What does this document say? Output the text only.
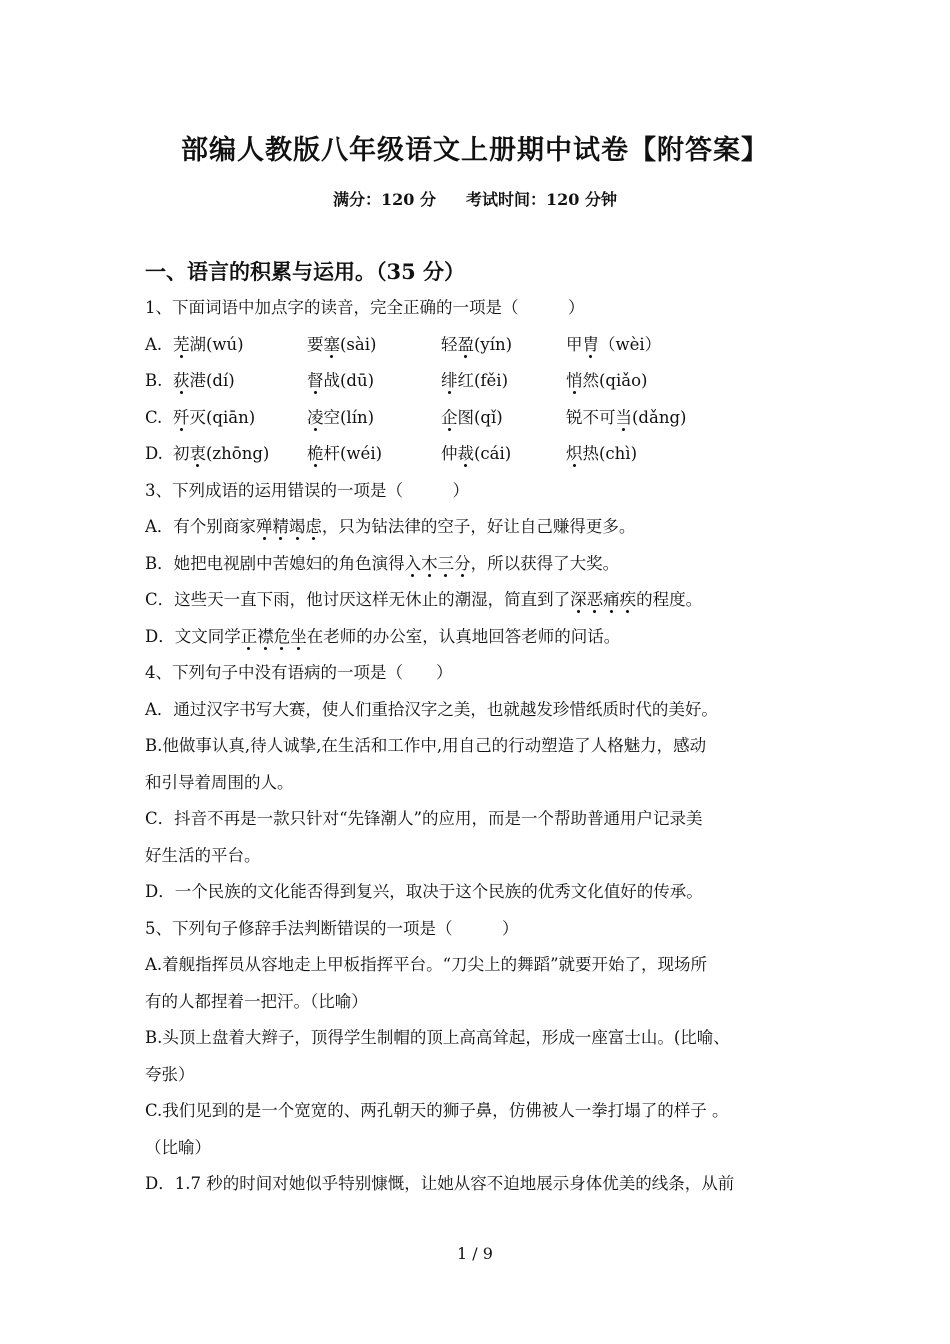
部编人教版八年级语文上册期中试卷【附答案】
满分：120 分 考试时间：120 分钟
一、语言的积累与运用。（35 分）
1、下面词语中加点字的读音，完全正确的一项是（　　　）
A. 芜湖(wú)	要塞(sài)	轻盈(yín)	甲胄（wèi）
B. 荻港(dí)	督战(dū)	绯红(fěi)	悄然(qiǎo)
C. 歼灭(qiān)	凌空(lín)	企图(qǐ)	锐不可当(dǎng)
D. 初衷(zhōng)	桅杆(wéi)	仲裁(cái)	炽热(chì)
3、下列成语的运用错误的一项是（　　　）
A．有个别商家殚精竭虑，只为钻法律的空子，好让自己赚得更多。
B．她把电视剧中苦媳妇的角色演得入木三分，所以获得了大奖。
C．这些天一直下雨，他讨厌这样无休止的潮湿，简直到了深恶痛疾的程度。
D．文文同学正襟危坐在老师的办公室，认真地回答老师的问话。
4、下列句子中没有语病的一项是（　　）
A．通过汉字书写大赛，使人们重拾汉字之美，也就越发珍惜纸质时代的美好。
B.他做事认真,待人诚挚,在生活和工作中,用自己的行动塑造了人格魅力，感动
和引导着周围的人。
C．抖音不再是一款只针对“先锋潮人”的应用，而是一个帮助普通用户记录美
好生活的平台。
D．一个民族的文化能否得到复兴，取决于这个民族的优秀文化值好的传承。
5、下列句子修辞手法判断错误的一项是（　　　）
A.着舰指挥员从容地走上甲板指挥平台。“刀尖上的舞蹈”就要开始了，现场所
有的人都捏着一把汗。（比喻）
B.头顶上盘着大辫子，顶得学生制帽的顶上高高耸起，形成一座富士山。(比喻、
夸张）
C.我们见到的是一个宽宽的、两孔朝天的狮子鼻，仿佛被人一拳打塌了的样子 。
（比喻）
D．1.7 秒的时间对她似乎特别慷慨，让她从容不迫地展示身体优美的线条，从前
1 / 9
